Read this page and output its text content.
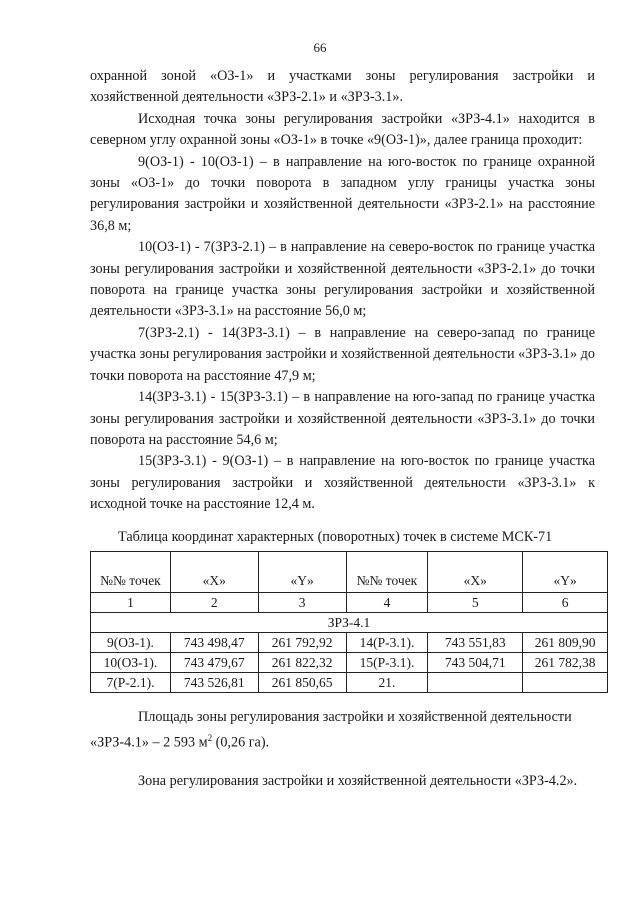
66

охранной зоной «ОЗ-1» и участками зоны регулирования застройки и хозяйственной деятельности «ЗРЗ-2.1» и «ЗРЗ-3.1».

Исходная точка зоны регулирования застройки «ЗРЗ-4.1» находится в северном углу охранной зоны «ОЗ-1» в точке «9(ОЗ-1)», далее граница проходит:

9(ОЗ-1) - 10(ОЗ-1) – в направление на юго-восток по границе охранной зоны «ОЗ-1» до точки поворота в западном углу границы участка зоны регулирования застройки и хозяйственной деятельности «ЗРЗ-2.1» на расстояние 36,8 м;

10(ОЗ-1) - 7(ЗРЗ-2.1) – в направление на северо-восток по границе участка зоны регулирования застройки и хозяйственной деятельности «ЗРЗ-2.1» до точки поворота на границе участка зоны регулирования застройки и хозяйственной деятельности «ЗРЗ-3.1» на расстояние 56,0 м;

7(ЗРЗ-2.1) - 14(ЗРЗ-3.1) – в направление на северо-запад по границе участка зоны регулирования застройки и хозяйственной деятельности «ЗРЗ-3.1» до точки поворота на расстояние 47,9 м;

14(ЗРЗ-3.1) - 15(ЗРЗ-3.1) – в направление на юго-запад по границе участка зоны регулирования застройки и хозяйственной деятельности «ЗРЗ-3.1» до точки поворота на расстояние 54,6 м;

15(ЗРЗ-3.1) - 9(ОЗ-1) – в направление на юго-восток по границе участка зоны регулирования застройки и хозяйственной деятельности «ЗРЗ-3.1» к исходной точке на расстояние 12,4 м.

Таблица координат характерных (поворотных) точек в системе МСК-71
№№ точек	«Х»	«Y»	№№ точек	«Х»	«Y»
1	2	3	4	5	6
ЗРЗ-4.1					
9(ОЗ-1).	743 498,47	261 792,92	14(Р-3.1).	743 551,83	261 809,90
10(ОЗ-1).	743 479,67	261 822,32	15(Р-3.1).	743 504,71	261 782,38
7(Р-2.1).	743 526,81	261 850,65	21.		

Площадь зоны регулирования застройки и хозяйственной деятельности

«ЗРЗ-4.1» – 2 593 $м^2$ (0,26 га).

Зона регулирования застройки и хозяйственной деятельности «ЗРЗ-4.2».
